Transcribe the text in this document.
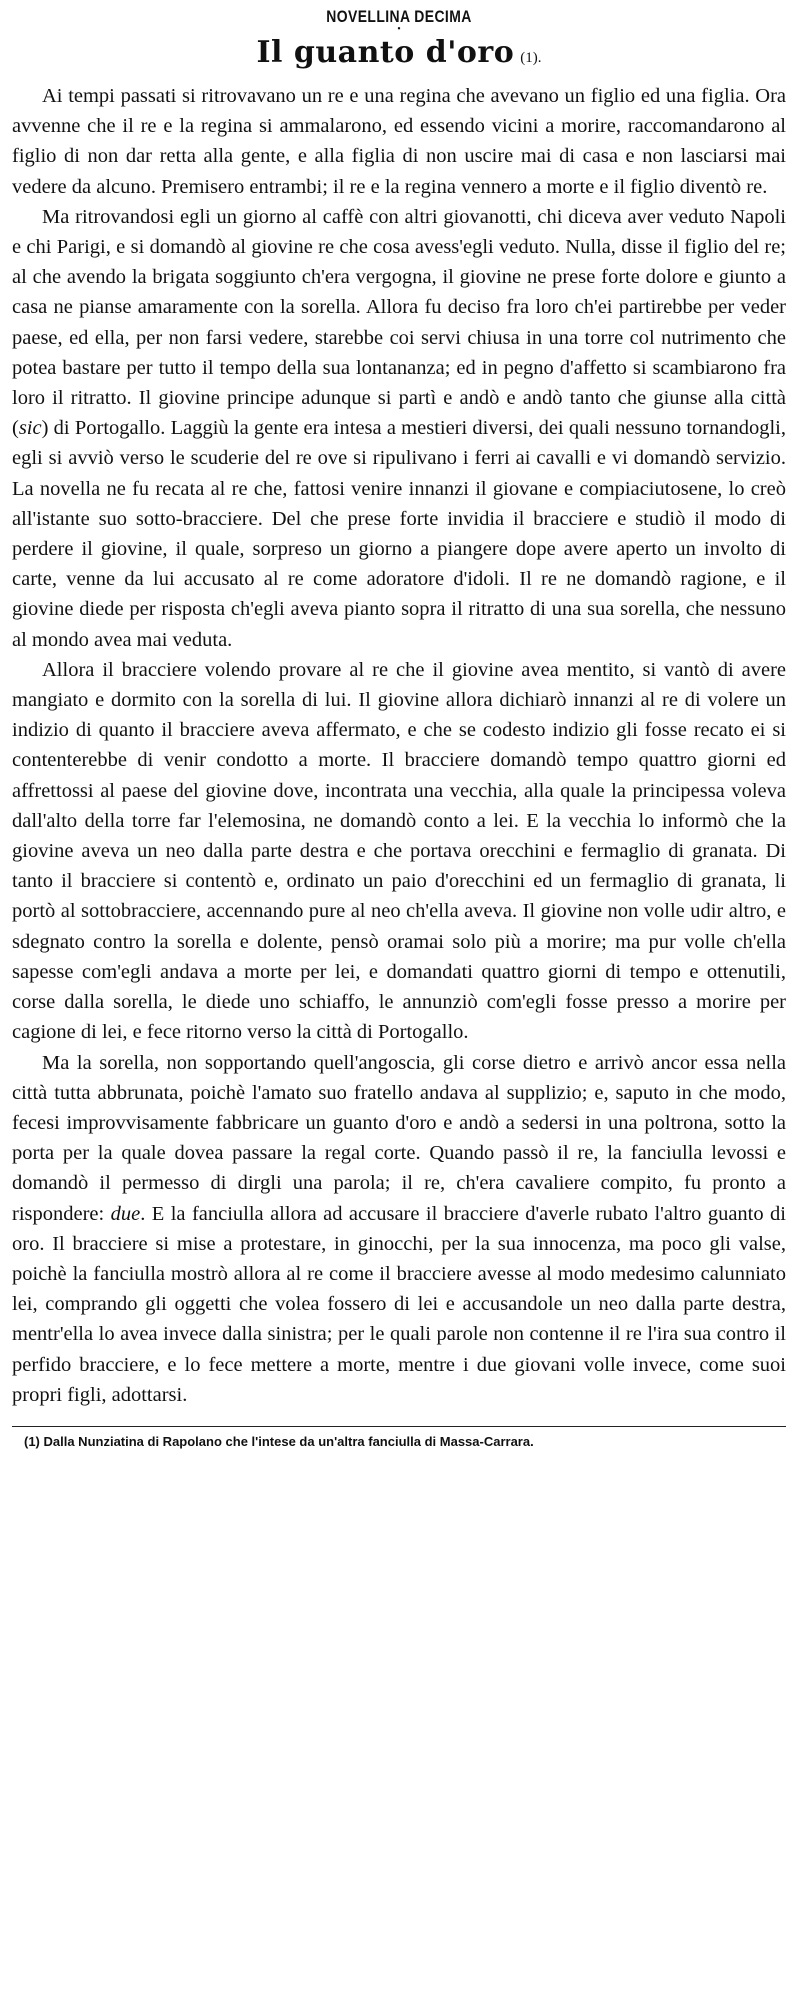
NOVELLINA DECIMA
•
Il guanto d'oro (1).

Ai tempi passati si ritrovavano un re e una regina che avevano un figlio ed una figlia. Ora avvenne che il re e la regina si ammalarono, ed essendo vicini a morire, raccomandarono al figlio di non dar retta alla gente, e alla figlia di non uscire mai di casa e non lasciarsi mai vedere da alcuno. Premisero entrambi; il re e la regina vennero a morte e il figlio diventò re.

Ma ritrovandosi egli un giorno al caffè con altri giovanotti, chi diceva aver veduto Napoli e chi Parigi, e si domandò al giovine re che cosa avess'egli veduto. Nulla, disse il figlio del re; al che avendo la brigata soggiunto ch'era vergogna, il giovine ne prese forte dolore e giunto a casa ne pianse amaramente con la sorella. Allora fu deciso fra loro ch'ei partirebbe per veder paese, ed ella, per non farsi vedere, starebbe coi servi chiusa in una torre col nutrimento che potea bastare per tutto il tempo della sua lontananza; ed in pegno d'affetto si scambiarono fra loro il ritratto. Il giovine principe adunque si partì e andò e andò tanto che giunse alla città (sic) di Portogallo. Laggiù la gente era intesa a mestieri diversi, dei quali nessuno tornandogli, egli si avviò verso le scuderie del re ove si ripulivano i ferri ai cavalli e vi domandò servizio. La novella ne fu recata al re che, fattosi venire innanzi il giovane e compiaciutosene, lo creò all'istante suo sotto-bracciere. Del che prese forte invidia il bracciere e studiò il modo di perdere il giovine, il quale, sorpreso un giorno a piangere dope avere aperto un involto di carte, venne da lui accusato al re come adoratore d'idoli. Il re ne domandò ragione, e il giovine diede per risposta ch'egli aveva pianto sopra il ritratto di una sua sorella, che nessuno al mondo avea mai veduta.

Allora il bracciere volendo provare al re che il giovine avea mentito, si vantò di avere mangiato e dormito con la sorella di lui. Il giovine allora dichiarò innanzi al re di volere un indizio di quanto il bracciere aveva affermato, e che se codesto indizio gli fosse recato ei si contenterebbe di venir condotto a morte. Il bracciere domandò tempo quattro giorni ed affrettossi al paese del giovine dove, incontrata una vecchia, alla quale la principessa voleva dall'alto della torre far l'elemosina, ne domandò conto a lei. E la vecchia lo informò che la giovine aveva un neo dalla parte destra e che portava orecchini e fermaglio di granata. Di tanto il bracciere si contentò e, ordinato un paio d'orecchini ed un fermaglio di granata, li portò al sottobracciere, accennando pure al neo ch'ella aveva. Il giovine non volle udir altro, e sdegnato contro la sorella e dolente, pensò oramai solo più a morire; ma pur volle ch'ella sapesse com'egli andava a morte per lei, e domandati quattro giorni di tempo e ottenutili, corse dalla sorella, le diede uno schiaffo, le annunziò com'egli fosse presso a morire per cagione di lei, e fece ritorno verso la città di Portogallo.

Ma la sorella, non sopportando quell'angoscia, gli corse dietro e arrivò ancor essa nella città tutta abbrunata, poichè l'amato suo fratello andava al supplizio; e, saputo in che modo, fecesi improvvisamente fabbricare un guanto d'oro e andò a sedersi in una poltrona, sotto la porta per la quale dovea passare la regal corte. Quando passò il re, la fanciulla levossi e domandò il permesso di dirgli una parola; il re, ch'era cavaliere compito, fu pronto a rispondere: due. E la fanciulla allora ad accusare il bracciere d'averle rubato l'altro guanto di oro. Il bracciere si mise a protestare, in ginocchi, per la sua innocenza, ma poco gli valse, poichè la fanciulla mostrò allora al re come il bracciere avesse al modo medesimo calunniato lei, comprando gli oggetti che volea fossero di lei e accusandole un neo dalla parte destra, mentr'ella lo avea invece dalla sinistra; per le quali parole non contenne il re l'ira sua contro il perfido bracciere, e lo fece mettere a morte, mentre i due giovani volle invece, come suoi propri figli, adottarsi.

(1) Dalla Nunziatina di Rapolano che l'intese da un'altra fanciulla di Massa-Carrara.
